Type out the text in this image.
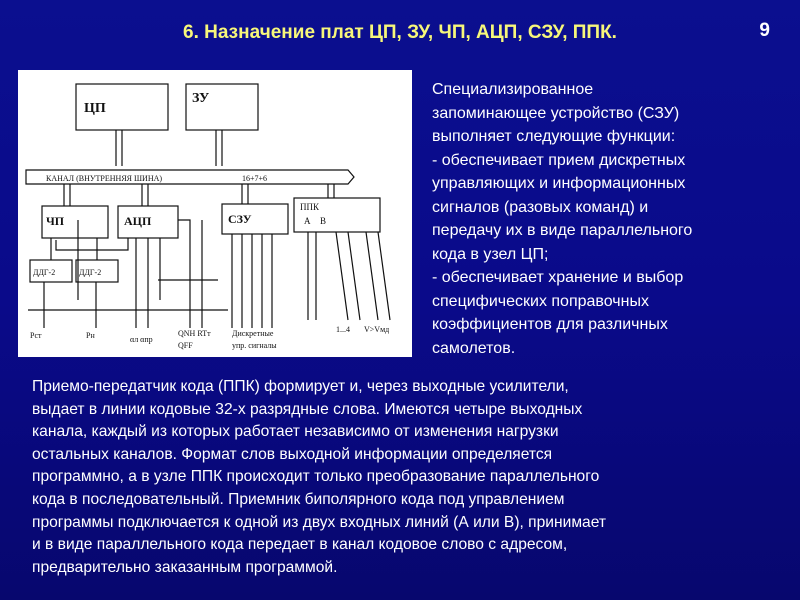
6. Назначение плат ЦП, ЗУ, ЧП, АЦП, СЗУ, ППК.	9
ЦП
ЗУ
КАНАЛ (ВНУТРЕННЯЯ ШИНА)	16+7+6
ЧП	АЦП	СЗУ
ППК
А В
ДДГ-2	ДДГ-2
Рст	Рн	αл αпр
QNH RTт
QFF
Дискретные
упр. сигналы
1...4 V>Vмд
Специализированное
запоминающее устройство (СЗУ)
выполняет следующие функции:
- обеспечивает прием дискретных
управляющих и информационных
сигналов (разовых команд) и
передачу их в виде параллельного
кода в узел ЦП;
- обеспечивает хранение и выбор
специфических поправочных
коэффициентов для различных
самолетов.
Приемо-передатчик кода (ППК) формирует и, через выходные усилители,
выдает в линии кодовые 32-х разрядные слова. Имеются четыре выходных
канала, каждый из которых работает независимо от изменения нагрузки
остальных каналов. Формат слов выходной информации определяется
программно, а в узле ППК происходит только преобразование параллельного
кода в последовательный. Приемник биполярного кода под управлением
программы подключается к одной из двух входных линий (А или В), принимает
и в виде параллельного кода передает в канал кодовое слово с адресом,
предварительно заказанным программой.
